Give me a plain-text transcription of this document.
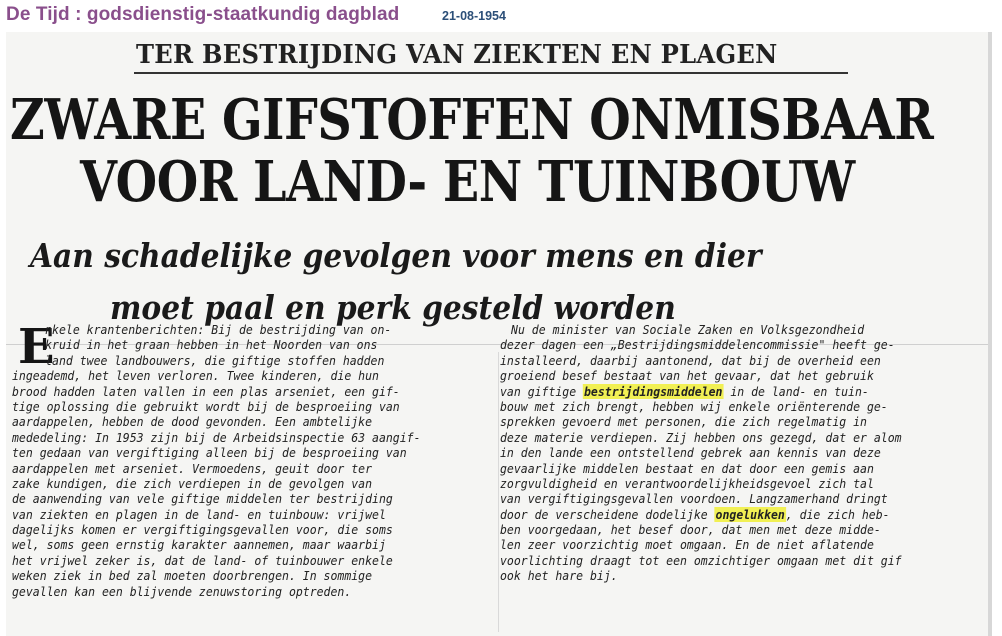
De Tijd : godsdienstig-staatkundig dagblad	21-08-1954
TER BESTRIJDING VAN ZIEKTEN EN PLAGEN
ZWARE GIFSTOFFEN ONMISBAAR
VOOR LAND- EN TUINBOUW
Aan schadelijke gevolgen voor mens en dier
moet paal en perk gesteld worden
E
nkele krantenberichten: Bij de bestrijding van on-
kruid in het graan hebben in het Noorden van ons
land twee landbouwers, die giftige stoffen hadden
ingeademd, het leven verloren. Twee kinderen, die hun
brood hadden laten vallen in een plas arseniet, een gif-
tige oplossing die gebruikt wordt bij de besproeiing van
aardappelen, hebben de dood gevonden. Een ambtelijke
mededeling: In 1953 zijn bij de Arbeidsinspectie 63 aangif-
ten gedaan van vergiftiging alleen bij de besproeiing van
aardappelen met arseniet. Vermoedens, geuit door ter
zake kundigen, die zich verdiepen in de gevolgen van
de aanwending van vele giftige middelen ter bestrijding
van ziekten en plagen in de land- en tuinbouw: vrijwel
dagelijks komen er vergiftigingsgevallen voor, die soms
wel, soms geen ernstig karakter aannemen, maar waarbij
het vrijwel zeker is, dat de land- of tuinbouwer enkele
weken ziek in bed zal moeten doorbrengen. In sommige
gevallen kan een blijvende zenuwstoring optreden.
Nu de minister van Sociale Zaken en Volksgezondheid
dezer dagen een „Bestrijdingsmiddelencommissie" heeft ge-
installeerd, daarbij aantonend, dat bij de overheid een
groeiend besef bestaat van het gevaar, dat het gebruik
van giftige bestrijdingsmiddelen in de land- en tuin-
bouw met zich brengt, hebben wij enkele oriënterende ge-
sprekken gevoerd met personen, die zich regelmatig in
deze materie verdiepen. Zij hebben ons gezegd, dat er alom
in den lande een ontstellend gebrek aan kennis van deze
gevaarlijke middelen bestaat en dat door een gemis aan
zorgvuldigheid en verantwoordelijkheidsgevoel zich tal
van vergiftigingsgevallen voordoen. Langzamerhand dringt
door de verscheidene dodelijke ongelukken, die zich heb-
ben voorgedaan, het besef door, dat men met deze midde-
len zeer voorzichtig moet omgaan. En de niet aflatende
voorlichting draagt tot een omzichtiger omgaan met dit gif
ook het hare bij.
